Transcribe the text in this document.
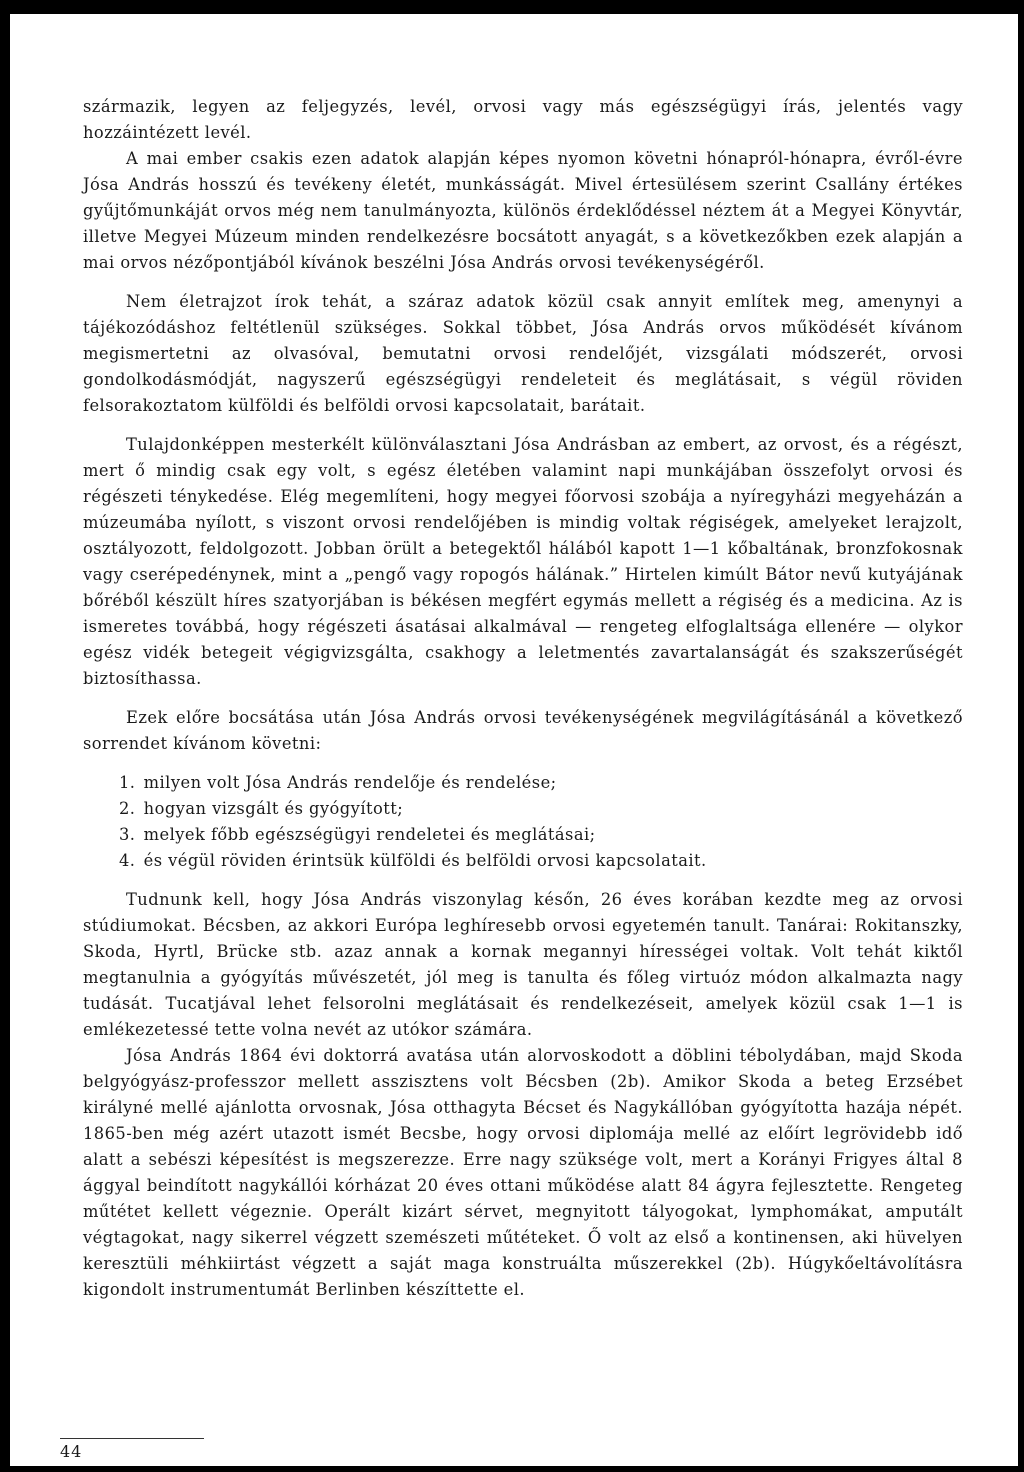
származik, legyen az feljegyzés, levél, orvosi vagy más egészségügyi írás, jelentés vagy hozzáintézett levél.

A mai ember csakis ezen adatok alapján képes nyomon követni hónapról-hónapra, évről-évre Jósa András hosszú és tevékeny életét, munkásságát. Mivel értesülésem szerint Csallány értékes gyűjtőmunkáját orvos még nem tanulmányozta, különös érdeklődéssel néztem át a Megyei Könyvtár, illetve Megyei Múzeum minden rendelkezésre bocsátott anyagát, s a következőkben ezek alapján a mai orvos nézőpontjából kívánok beszélni Jósa András orvosi tevékenységéről.

Nem életrajzot írok tehát, a száraz adatok közül csak annyit említek meg, amenynyi a tájékozódáshoz feltétlenül szükséges. Sokkal többet, Jósa András orvos működését kívánom megismertetni az olvasóval, bemutatni orvosi rendelőjét, vizsgálati módszerét, orvosi gondolkodásmódját, nagyszerű egészségügyi rendeleteit és meglátásait, s végül röviden felsorakoztatom külföldi és belföldi orvosi kapcsolatait, barátait.

Tulajdonképpen mesterkélt különválasztani Jósa Andrásban az embert, az orvost, és a régészt, mert ő mindig csak egy volt, s egész életében valamint napi munkájában összefolyt orvosi és régészeti ténykedése. Elég megemlíteni, hogy megyei főorvosi szobája a nyíregyházi megyeházán a múzeumába nyílott, s viszont orvosi rendelőjében is mindig voltak régiségek, amelyeket lerajzolt, osztályozott, feldolgozott. Jobban örült a betegektől hálából kapott 1—1 kőbaltának, bronzfokosnak vagy cserépedénynek, mint a „pengő vagy ropogós hálának.” Hirtelen kimúlt Bátor nevű kutyájának bőréből készült híres szatyorjában is békésen megfért egymás mellett a régiség és a medicina. Az is ismeretes továbbá, hogy régészeti ásatásai alkalmával — rengeteg elfoglaltsága ellenére — olykor egész vidék betegeit végigvizsgálta, csakhogy a leletmentés zavartalanságát és szakszerűségét biztosíthassa.

Ezek előre bocsátása után Jósa András orvosi tevékenységének megvilágításánál a következő sorrendet kívánom követni:

1. milyen volt Jósa András rendelője és rendelése;
2. hogyan vizsgált és gyógyított;
3. melyek főbb egészségügyi rendeletei és meglátásai;
4. és végül röviden érintsük külföldi és belföldi orvosi kapcsolatait.

Tudnunk kell, hogy Jósa András viszonylag későn, 26 éves korában kezdte meg az orvosi stúdiumokat. Bécsben, az akkori Európa leghíresebb orvosi egyetemén tanult. Tanárai: Rokitanszky, Skoda, Hyrtl, Brücke stb. azaz annak a kornak megannyi hírességei voltak. Volt tehát kiktől megtanulnia a gyógyítás művészetét, jól meg is tanulta és főleg virtuóz módon alkalmazta nagy tudását. Tucatjával lehet felsorolni meglátásait és rendelkezéseit, amelyek közül csak 1—1 is emlékezetessé tette volna nevét az utókor számára.

Jósa András 1864 évi doktorrá avatása után alorvoskodott a döblini tébolydában, majd Skoda belgyógyász-professzor mellett asszisztens volt Bécsben (2b). Amikor Skoda a beteg Erzsébet királyné mellé ajánlotta orvosnak, Jósa otthagyta Bécset és Nagykállóban gyógyította hazája népét. 1865-ben még azért utazott ismét Becsbe, hogy orvosi diplomája mellé az előírt legrövidebb idő alatt a sebészi képesítést is megszerezze. Erre nagy szüksége volt, mert a Korányi Frigyes által 8 ággyal beindított nagykállói kórházat 20 éves ottani működése alatt 84 ágyra fejlesztette. Rengeteg műtétet kellett végeznie. Operált kizárt sérvet, megnyitott tályogokat, lymphomákat, amputált végtagokat, nagy sikerrel végzett szemészeti műtéteket. Ő volt az első a kontinensen, aki hüvelyen keresztüli méhkiirtást végzett a saját maga konstruálta műszerekkel (2b). Húgykőeltávolításra kigondolt instrumentumát Berlinben készíttette el.

44
